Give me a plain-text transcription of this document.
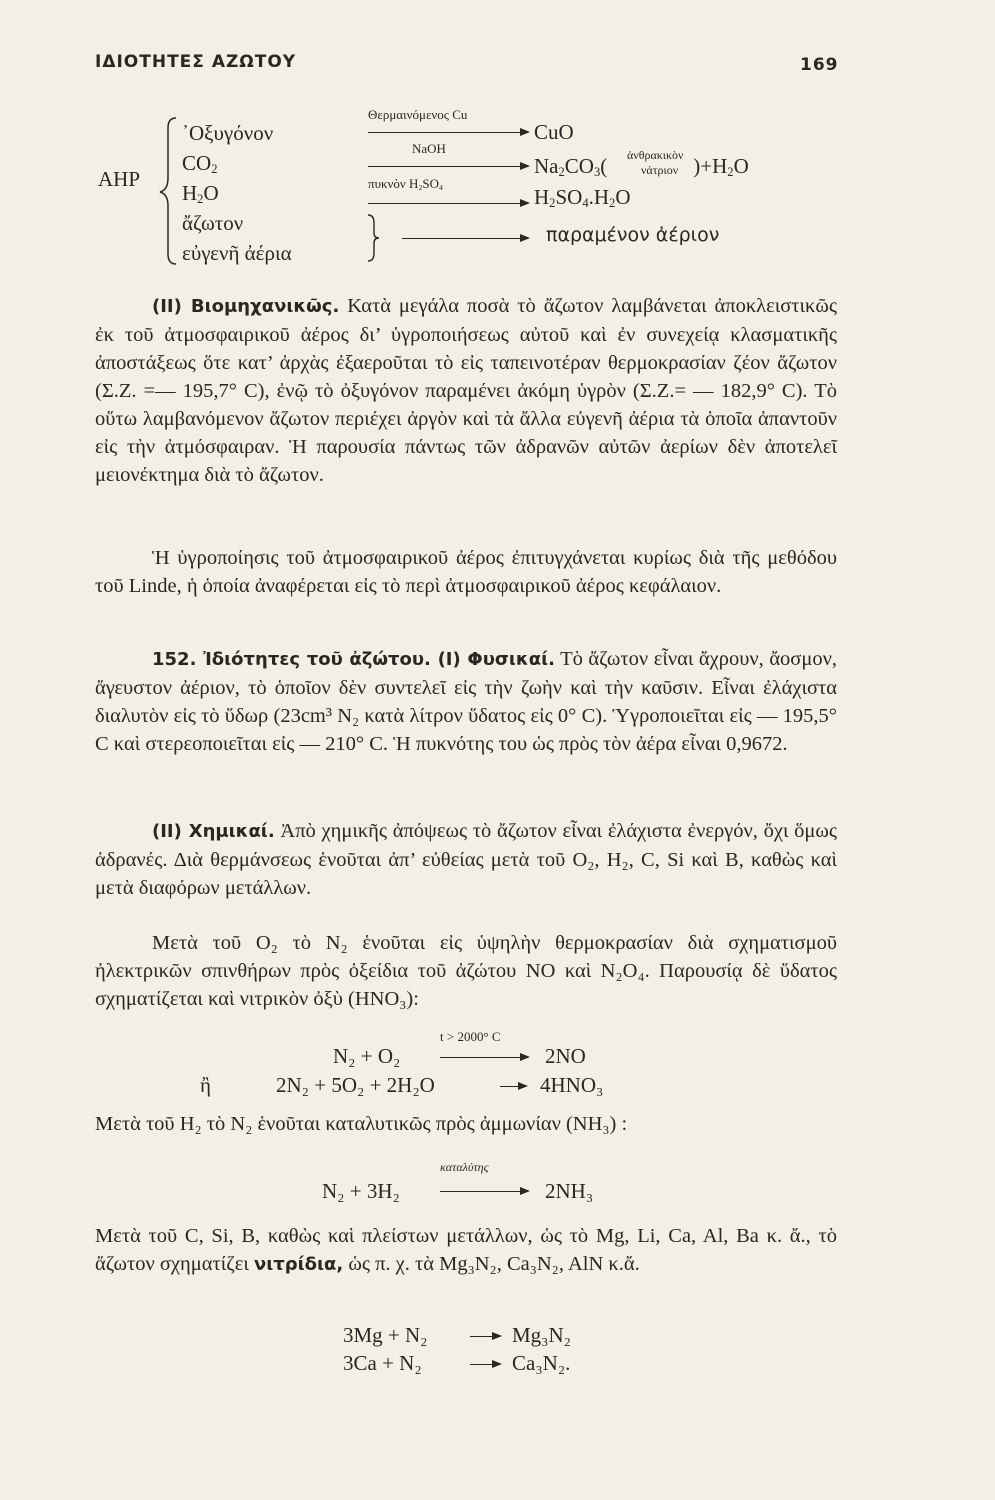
ΙΔΙΟΤΗΤΕΣ ΑΖΩΤΟΥ	169
ΑΗΡ
᾿Οξυγόνον
$CO_2$
$H_2O$
ἄζωτον
εὐγενῆ ἀέρια
Θερμαινόμενος Cu
CuO
NaOH
$Na_2CO_3$(	)$+H_2O$
ἀνθρακικὸν
νάτριον
πυκνὸν $H_2SO_4$	$H_2SO_4.H_2O$
παραμένον ἀέριον
(ΙΙ) Βιομηχανικῶς. Κατὰ μεγάλα ποσὰ τὸ ἄζωτον λαμβάνεται ἀποκλειστικῶς ἐκ τοῦ ἀτμοσφαιρικοῦ ἀέρος δι’ ὑγροποιήσεως αὐτοῦ καὶ ἐν συνεχείᾳ κλασματικῆς ἀποστάξεως ὅτε κατ’ ἀρχὰς ἐξαεροῦται τὸ εἰς ταπεινοτέραν θερμοκρασίαν ζέον ἄζωτον (Σ.Ζ. =— 195,7° C), ἐνῷ τὸ ὀξυγόνον παραμένει ἀκόμη ὑγρὸν (Σ.Ζ.= — 182,9° C). Τὸ οὕτω λαμβανόμενον ἄζωτον περιέχει ἀργὸν καὶ τὰ ἄλλα εὐγενῆ ἀέρια τὰ ὁποῖα ἀπαντοῦν εἰς τὴν ἀτμόσφαιραν. Ἡ παρουσία πάντως τῶν ἀδρανῶν αὐτῶν ἀερίων δὲν ἀποτελεῖ μειονέκτημα διὰ τὸ ἄζωτον.
Ἡ ὑγροποίησις τοῦ ἀτμοσφαιρικοῦ ἀέρος ἐπιτυγχάνεται κυρίως διὰ τῆς μεθόδου τοῦ Linde, ἡ ὁποία ἀναφέρεται εἰς τὸ περὶ ἀτμοσφαιρικοῦ ἀέρος κεφάλαιον.
152. Ἰδιότητες τοῦ ἀζώτου. (Ι) Φυσικαί. Τὸ ἄζωτον εἶναι ἄχρουν, ἄοσμον, ἄγευστον ἀέριον, τὸ ὁποῖον δὲν συντελεῖ εἰς τὴν ζωὴν καὶ τὴν καῦσιν. Εἶναι ἐλάχιστα διαλυτὸν εἰς τὸ ὕδωρ (23cm³ N₂ κατὰ λίτρον ὕδατος εἰς 0° C). Ὑγροποιεῖται εἰς — 195,5° C καὶ στερεοποιεῖται εἰς — 210° C. Ἡ πυκνότης του ὡς πρὸς τὸν ἀέρα εἶναι 0,9672.
(ΙΙ) Χημικαί. Ἀπὸ χημικῆς ἀπόψεως τὸ ἄζωτον εἶναι ἐλάχιστα ἐνεργόν, ὄχι ὅμως ἀδρανές. Διὰ θερμάνσεως ἑνοῦται ἀπ’ εὐθείας μετὰ τοῦ O₂, H₂, C, Si καὶ B, καθὼς καὶ μετὰ διαφόρων μετάλλων.
Μετὰ τοῦ O₂ τὸ N₂ ἑνοῦται εἰς ὑψηλὴν θερμοκρασίαν διὰ σχηματισμοῦ ἠλεκτρικῶν σπινθήρων πρὸς ὀξείδια τοῦ ἀζώτου NO καὶ N₂O₄. Παρουσίᾳ δὲ ὕδατος σχηματίζεται καὶ νιτρικὸν ὀξὺ (HNO₃):
t > 2000° C
N₂ + O₂	2NO
ἢ	2N₂ + 5O₂ + 2H₂O	4HNO₃
Μετὰ τοῦ H₂ τὸ N₂ ἑνοῦται καταλυτικῶς πρὸς ἀμμωνίαν (NH₃) :
καταλύτης
N₂ + 3H₂	2NH₃
Μετὰ τοῦ C, Si, B, καθὼς καὶ πλείστων μετάλλων, ὡς τὸ Mg, Li, Ca, Al, Ba κ. ἄ., τὸ ἄζωτον σχηματίζει νιτρίδια, ὡς π. χ. τὰ Mg₃N₂, Ca₃N₂, AlN κ.ἄ.
3Mg + N₂	Mg₃N₂
3Ca + N₂	Ca₃N₂.
